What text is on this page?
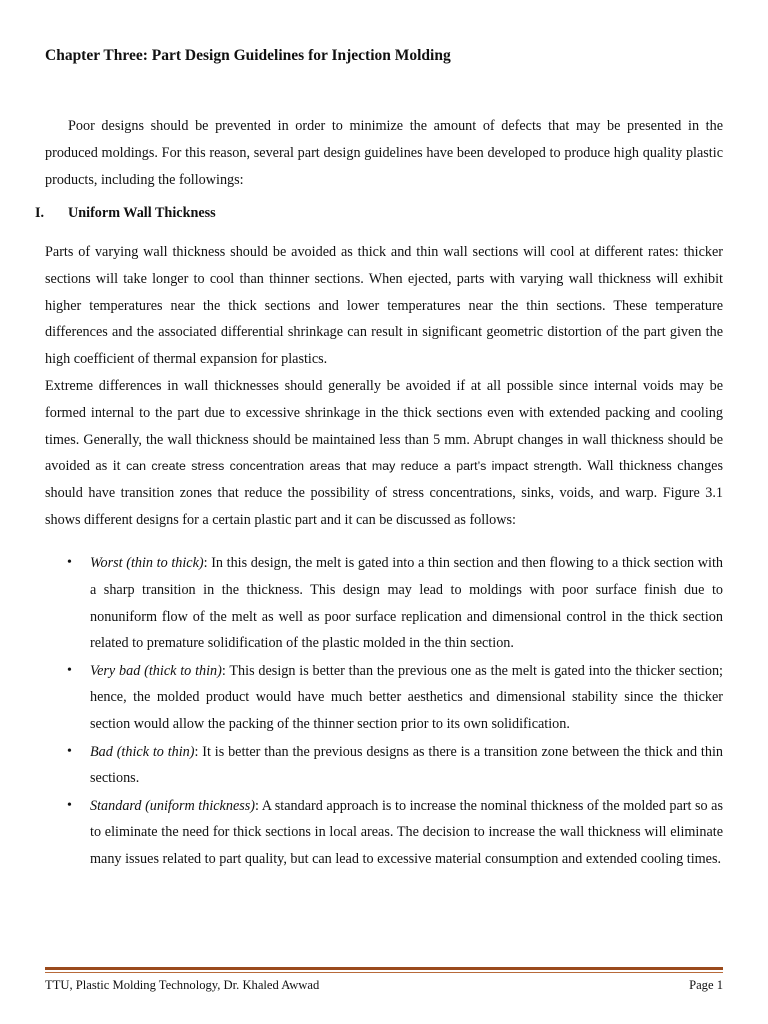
Chapter Three: Part Design Guidelines for Injection Molding
Poor designs should be prevented in order to minimize the amount of defects that may be presented in the produced moldings. For this reason, several part design guidelines have been developed to produce high quality plastic products, including the followings:
I. Uniform Wall Thickness
Parts of varying wall thickness should be avoided as thick and thin wall sections will cool at different rates: thicker sections will take longer to cool than thinner sections. When ejected, parts with varying wall thickness will exhibit higher temperatures near the thick sections and lower temperatures near the thin sections. These temperature differences and the associated differential shrinkage can result in significant geometric distortion of the part given the high coefficient of thermal expansion for plastics.
Extreme differences in wall thicknesses should generally be avoided if at all possible since internal voids may be formed internal to the part due to excessive shrinkage in the thick sections even with extended packing and cooling times. Generally, the wall thickness should be maintained less than 5 mm. Abrupt changes in wall thickness should be avoided as it can create stress concentration areas that may reduce a part’s impact strength. Wall thickness changes should have transition zones that reduce the possibility of stress concentrations, sinks, voids, and warp. Figure 3.1 shows different designs for a certain plastic part and it can be discussed as follows:
• Worst (thin to thick): In this design, the melt is gated into a thin section and then flowing to a thick section with a sharp transition in the thickness. This design may lead to moldings with poor surface finish due to nonuniform flow of the melt as well as poor surface replication and dimensional control in the thick section related to premature solidification of the plastic molded in the thin section.
• Very bad (thick to thin): This design is better than the previous one as the melt is gated into the thicker section; hence, the molded product would have much better aesthetics and dimensional stability since the thicker section would allow the packing of the thinner section prior to its own solidification.
• Bad (thick to thin): It is better than the previous designs as there is a transition zone between the thick and thin sections.
• Standard (uniform thickness): A standard approach is to increase the nominal thickness of the molded part so as to eliminate the need for thick sections in local areas. The decision to increase the wall thickness will eliminate many issues related to part quality, but can lead to excessive material consumption and extended cooling times.
TTU, Plastic Molding Technology, Dr. Khaled Awwad	Page 1
